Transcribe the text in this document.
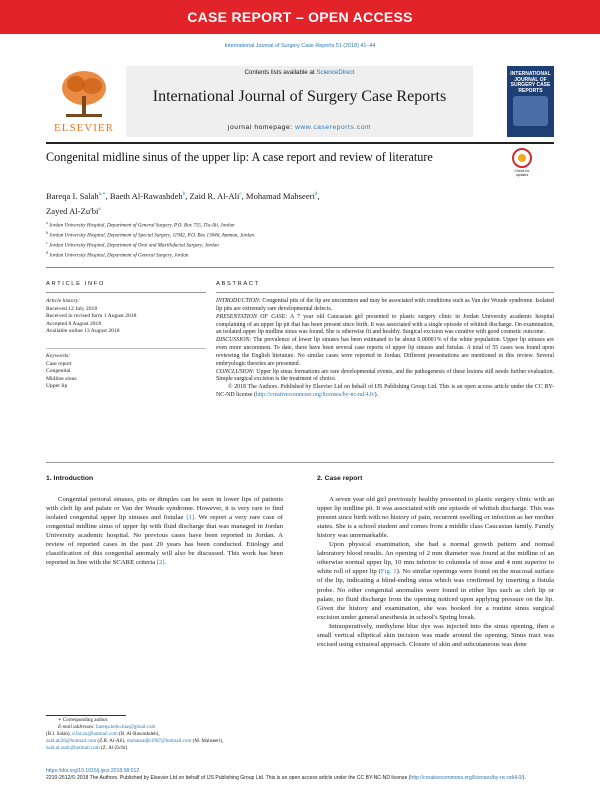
CASE REPORT – OPEN ACCESS
International Journal of Surgery Case Reports 51 (2018) 41–44
ELSEVIER
Contents lists available at ScienceDirect
International Journal of Surgery Case Reports
journal homepage: www.casereports.com
INTERNATIONAL JOURNAL OF SURGERY CASE REPORTS
Congenital midline sinus of the upper lip: A case report and review of literature
Check for updates
Bareqa I. Salah$^{a,∗}$, Baeth Al-Rawashdeh$^b$, Zaid R. Al-Ali$^c$, Mohamad Mahseeri$^d$,
Zayed $Al-Zu'bi^a$
$^a$ Jordan University Hospital, Department of General Surgery, P.O. Box 755, Tla-Ali, Jordan
$^b$ Jordan University Hospital, Department of Special Surgery, 11942, P.O. Box 13046, Amman, Jordan
$^c$ Jordan University Hospital, Department of Oral and Maxillofacial Surgery, Jordan
$^d$ Jordan University Hospital, Department of General Surgery, Jordan
ARTICLE INFO
Article history:
Received 12 July 2018
Received in revised form 1 August 2018
Accepted 8 August 2018
Available online 13 August 2018
Keywords:
Case report
Congenital
Midline sinus
Upper lip
ABSTRACT

INTRODUCTION: Congenital pits of the lip are uncommon and may be associated with conditions such as Van der Woude syndrome. Isolated lip pits are extremely rare developmental defects.

PRESENTATION OF CASE: A 7 year old Caucasian girl presented to plastic surgery clinic in Jordan University academic hospital complaining of an upper lip pit that has been present since birth. It was associated with a single episode of whitish discharge. On examination, an isolated upper lip midline sinus was found. She is otherwise fit and healthy. Surgical excision was curative with good cosmetic outcome.

DISCUSSION: The prevalence of lower lip sinuses has been estimated to be about 0.00001% of the white population. Upper lip sinuses are even more uncommon. To date, there have been several case reports of upper lip sinuses and fistulas. A total of 55 cases was found upon reviewing the English literature. No similar cases were reported in Jordan. Different presentations are mentioned in this review. Several embryologic theories are presented.

CONCLUSION: Upper lip sinus formations are rare developmental events, and the pathogenesis of these lesions still needs further evaluation. Simple surgical excision is the treatment of choice.

© 2018 The Authors. Published by Elsevier Ltd on behalf of IJS Publishing Group Ltd. This is an open access article under the CC BY-NC-ND license (http://creativecommons.org/licenses/by-nc-nd/4.0/).

1. Introduction

Congenital perioral sinuses, pits or dimples can be seen in lower lips of patients with cleft lip and palate or Van der Woude syndrome. However, it is very rare to find isolated congenital upper lip sinuses and fistulae [1]. We report a very rare case of congenital midline sinus of upper lip with fluid discharge that was managed in Jordan University academic hospital. No previous cases have been reported in Jordan. A review of reported cases in the past 20 years has been conducted. Etiology and classification of this congenital anomaly will also be discussed. This work has been reported in line with the SCARE criteria [2].

2. Case report

A seven year old girl previously healthy presented to plastic surgery clinic with an upper lip midline pit. It was associated with one episode of whitish discharge. This was present since birth with no history of pain, recurrent swelling or infection as her mother states. She is a school student and comes from a middle class Caucasian family. Family history was unremarkable.

Upon physical examination, she had a normal growth pattern and normal laboratory blood results. An opening of 2 mm diameter was found at the midline of an otherwise normal upper lip, 10 mm inferior to columela of nose and 4 mm superior to white roll of upper lip (Fig. 1). No similar openings were found on the mucosal surface of the lip, indicating a blind-ending sinus which was confirmed by inserting a fistula probe. No other congenital anomalies were found in either lips such as cleft lip or palate, no fluid discharge from the opening noticed upon applying pressure on the lip. Given the history and examination, she was booked for a routine sinus surgical excision under general anesthesia in school's Spring break.

Intraoperatively, methylene blue dye was injected into the sinus opening, then a small vertical elliptical skin incision was made around the opening. Sinus tract was excised using extraoral approach. Closure of skin and subcutaneous was done

∗ Corresponding author.
E-mail addresses: bareqa.hebo.haz@gmail.com
(B.I. Salah), d.lht.zu@hotmail.com (B. Al-Rawashdeh),
zaid.ali26@hotmail.com (Z.R. Al-Ali), mohamadjb1987@hotmail.com (M. Mahseeri),
zaid.al.zubi@hotmail.com (Z. Al-Zu'bi).
https://doi.org/10.1016/j.ijscr.2018.08.012
2210-2612/© 2018 The Authors. Published by Elsevier Ltd on behalf of IJS Publishing Group Ltd. This is an open access article under the CC BY-NC-ND license (http://creativecommons.org/licenses/by-nc-nd/4.0/).
